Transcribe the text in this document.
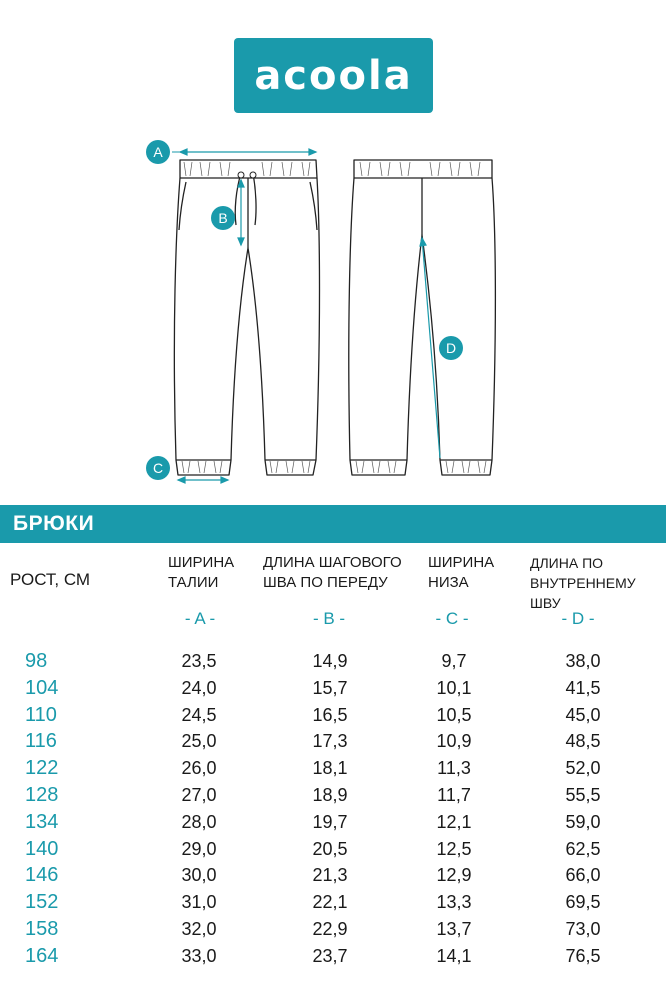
acoola
A
B
C
D
БРЮКИ
РОСТ, СМ
ШИРИНА
ТАЛИИ
ДЛИНА ШАГОВОГО
ШВА ПО ПЕРЕДУ
ШИРИНА
НИЗА
ДЛИНА ПО
ВНУТРЕННЕМУ ШВУ
- A -	- B -	- C -	- D -
98	23,5	14,9	9,7	38,0
104	24,0	15,7	10,1	41,5
110	24,5	16,5	10,5	45,0
116	25,0	17,3	10,9	48,5
122	26,0	18,1	11,3	52,0
128	27,0	18,9	11,7	55,5
134	28,0	19,7	12,1	59,0
140	29,0	20,5	12,5	62,5
146	30,0	21,3	12,9	66,0
152	31,0	22,1	13,3	69,5
158	32,0	22,9	13,7	73,0
164	33,0	23,7	14,1	76,5
